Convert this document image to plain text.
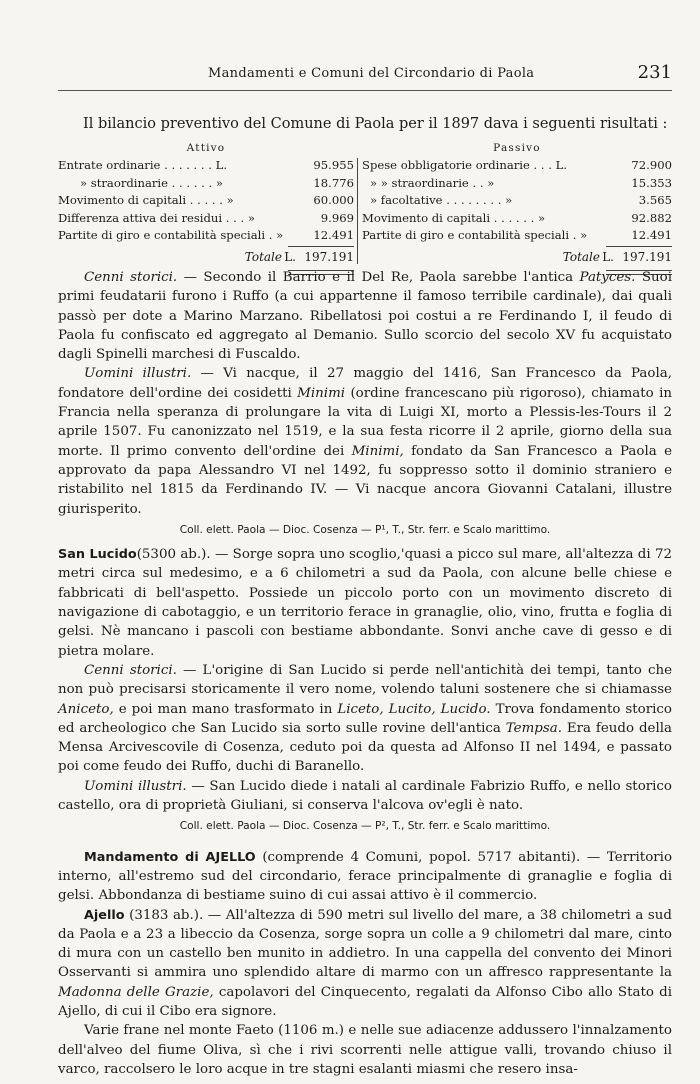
Mandamenti e Comuni del Circondario di Paola	231
Il bilancio preventivo del Comune di Paola per il 1897 dava i seguenti risultati :
Attivo
Entrate ordinarie . . . . . . . L.	95.955
» straordinarie . . . . . . »	18.776
Movimento di capitali . . . . . »	60.000
Differenza attiva dei residui . . . »	9.969
Partite di giro e contabilità speciali . »	12.491
Totale L. 197.191
Passivo
Spese obbligatorie ordinarie . . . L.	72.900
» » straordinarie . . »	15.353
» facoltative . . . . . . . . »	3.565
Movimento di capitali . . . . . . »	92.882
Partite di giro e contabilità speciali . »	12.491
Totale L. 197.191

Cenni storici. — Secondo il Barrio e il Del Re, Paola sarebbe l'antica Patyces. Suoi primi feudatarii furono i Ruffo (a cui appartenne il famoso terribile cardinale), dai quali passò per dote a Marino Marzano. Ribellatosi poi costui a re Ferdinando I, il feudo di Paola fu confiscato ed aggregato al Demanio. Sullo scorcio del secolo XV fu acquistato dagli Spinelli marchesi di Fuscaldo.

Uomini illustri. — Vi nacque, il 27 maggio del 1416, San Francesco da Paola, fondatore dell'ordine dei cosidetti Minimi (ordine francescano più rigoroso), chiamato in Francia nella speranza di prolungare la vita di Luigi XI, morto a Plessis-les-Tours il 2 aprile 1507. Fu canonizzato nel 1519, e la sua festa ricorre il 2 aprile, giorno della sua morte. Il primo convento dell'ordine dei Minimi, fondato da San Francesco a Paola e approvato da papa Alessandro VI nel 1492, fu soppresso sotto il dominio straniero e ristabilito nel 1815 da Ferdinando IV. — Vi nacque ancora Giovanni Catalani, illustre giurisperito.

Coll. elett. Paola — Dioc. Cosenza — P¹, T., Str. ferr. e Scalo marittimo.

San Lucido(5300 ab.). — Sorge sopra uno scoglio,'quasi a picco sul mare, all'altezza di 72 metri circa sul medesimo, e a 6 chilometri a sud da Paola, con alcune belle chiese e fabbricati di bell'aspetto. Possiede un piccolo porto con un movimento discreto di navigazione di cabotaggio, e un territorio ferace in granaglie, olio, vino, frutta e foglia di gelsi. Nè mancano i pascoli con bestiame abbondante. Sonvi anche cave di gesso e di pietra molare.

Cenni storici. — L'origine di San Lucido si perde nell'antichità dei tempi, tanto che non può precisarsi storicamente il vero nome, volendo taluni sostenere che si chiamasse Aniceto, e poi man mano trasformato in Liceto, Lucito, Lucido. Trova fondamento storico ed archeologico che San Lucido sia sorto sulle rovine dell'antica Tempsa. Era feudo della Mensa Arcivescovile di Cosenza, ceduto poi da questa ad Alfonso II nel 1494, e passato poi come feudo dei Ruffo, duchi di Baranello.

Uomini illustri. — San Lucido diede i natali al cardinale Fabrizio Ruffo, e nello storico castello, ora di proprietà Giuliani, si conserva l'alcova ov'egli è nato.

Coll. elett. Paola — Dioc. Cosenza — P², T., Str. ferr. e Scalo marittimo.

Mandamento di AJELLO (comprende 4 Comuni, popol. 5717 abitanti). — Territorio interno, all'estremo sud del circondario, ferace principalmente di granaglie e foglia di gelsi. Abbondanza di bestiame suino di cui assai attivo è il commercio.

Ajello (3183 ab.). — All'altezza di 590 metri sul livello del mare, a 38 chilometri a sud da Paola e a 23 a libeccio da Cosenza, sorge sopra un colle a 9 chilometri dal mare, cinto di mura con un castello ben munito in addietro. In una cappella del convento dei Minori Osservanti si ammira uno splendido altare di marmo con un affresco rappresentante la Madonna delle Grazie, capolavori del Cinquecento, regalati da Alfonso Cibo allo Stato di Ajello, di cui il Cibo era signore.

Varie frane nel monte Faeto (1106 m.) e nelle sue adiacenze addussero l'innalzamento dell'alveo del fiume Oliva, sì che i rivi scorrenti nelle attigue valli, trovando chiuso il varco, raccolsero le loro acque in tre stagni esalanti miasmi che resero insa-
